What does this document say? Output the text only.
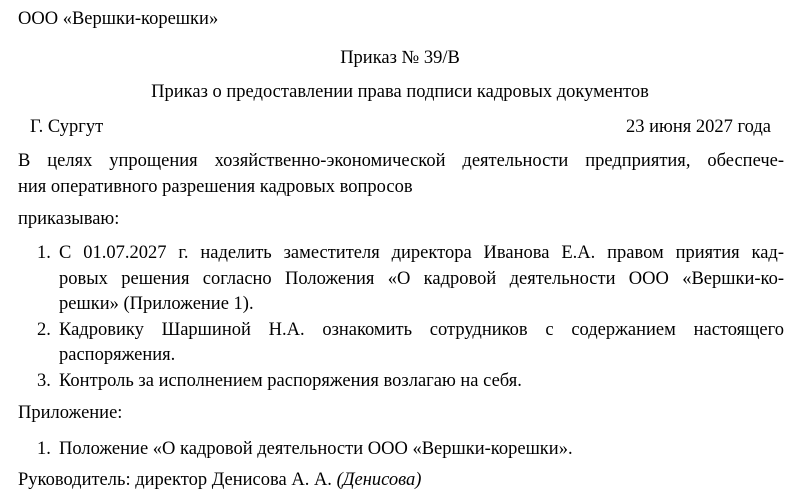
ООО «Вершки-корешки»
Приказ № 39/В
Приказ о предоставлении права подписи кадровых документов
Г. Сургут	23 июня 2027 года
В целях упрощения хозяйственно-экономической деятельности предприятия, обеспече-
ния оперативного разрешения кадровых вопросов
приказываю:
1. С 01.07.2027 г. наделить заместителя директора Иванова Е.А. правом приятия кад-
ровых решения согласно Положения «О кадровой деятельности ООО «Вершки-ко-
решки» (Приложение 1).
2. Кадровику Шаршиной Н.А. ознакомить сотрудников с содержанием настоящего
распоряжения.
3. Контроль за исполнением распоряжения возлагаю на себя.
Приложение:
1. Положение «О кадровой деятельности ООО «Вершки-корешки».
Руководитель: директор Денисова А. А. (Денисова)
